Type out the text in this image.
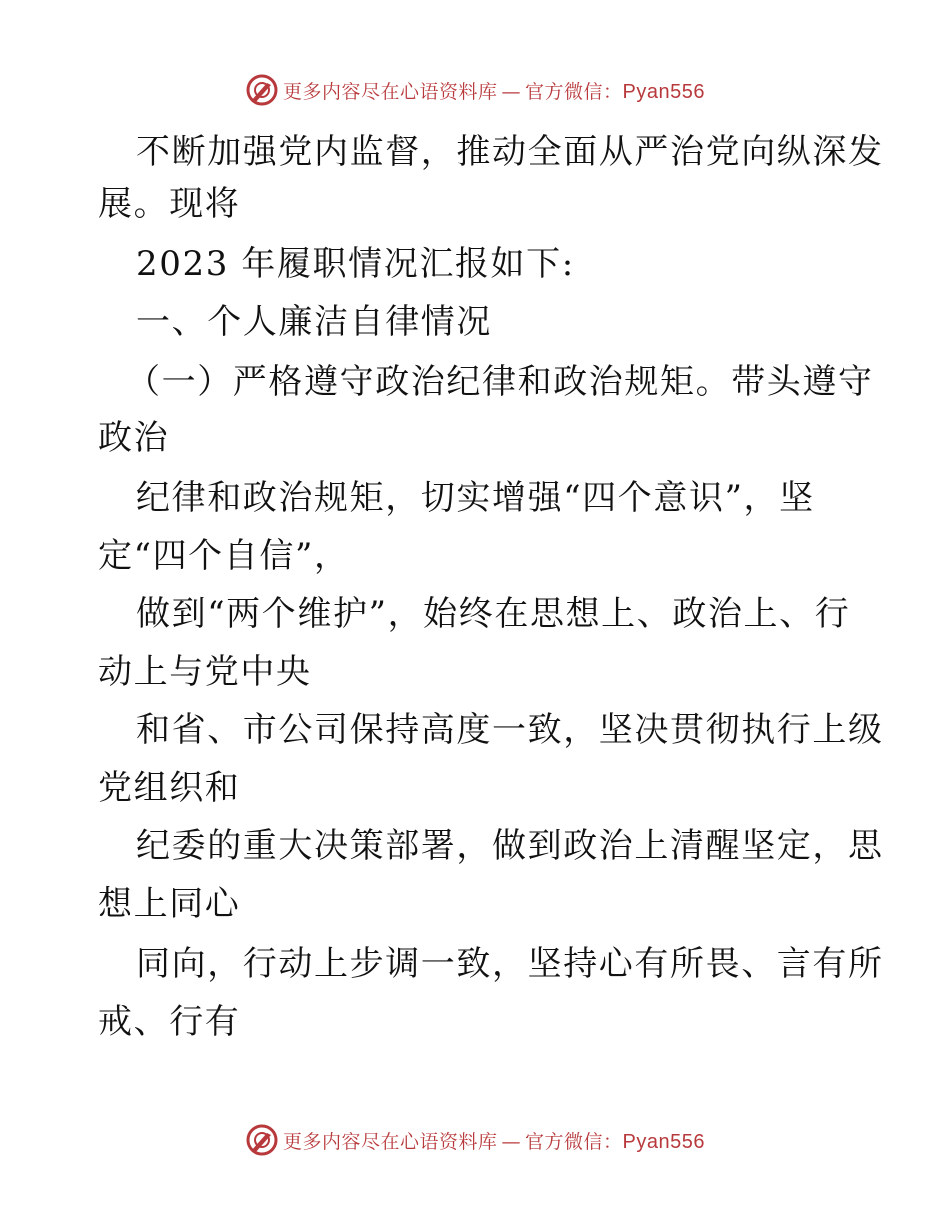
更多内容尽在心语资料库 — 官方微信：Pyan556
不断加强党内监督，推动全面从严治党向纵深发
展。现将
2023 年履职情况汇报如下:
一、个人廉洁自律情况
（一）严格遵守政治纪律和政治规矩。带头遵守
政治
纪律和政治规矩，切实增强“四个意识”，坚
定“四个自信”，
做到“两个维护”，始终在思想上、政治上、行
动上与党中央
和省、市公司保持高度一致，坚决贯彻执行上级
党组织和
纪委的重大决策部署，做到政治上清醒坚定，思
想上同心
同向，行动上步调一致，坚持心有所畏、言有所
戒、行有
更多内容尽在心语资料库 — 官方微信：Pyan556
